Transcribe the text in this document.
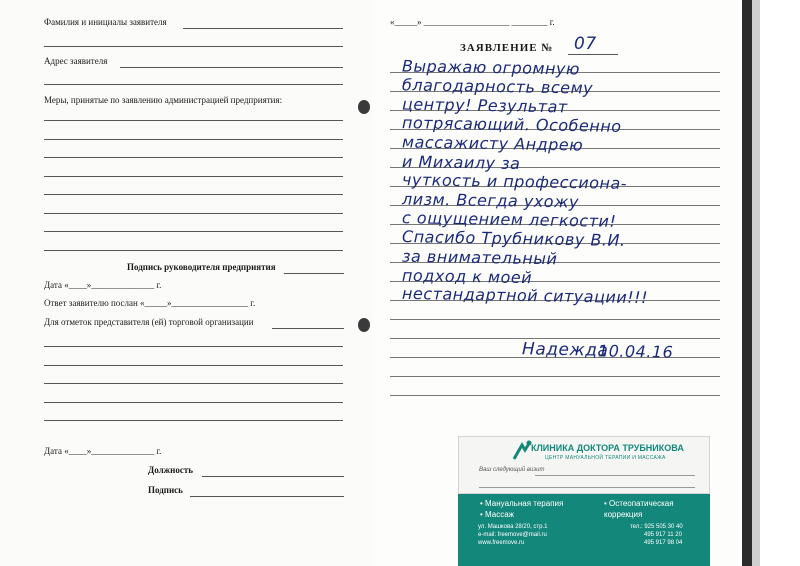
Фамилия и инициалы заявителя
Адрес заявителя
Меры, принятые по заявлению администрацией предприятия:
Подпись руководителя предприятия
Дата «____»______________ г.
Ответ заявителю послан «_____»_________________ г.
Для отметок представителя (ей) торговой организации
Дата «____»______________ г.
Должность
Подпись
«_____» ___________________ ________ г.
ЗАЯВЛЕНИЕ № 07
Выражаю огромную
благодарность всему
центру! Результат
потрясающий. Особенно
массажисту Андрею
и Михаилу за
чуткость и профессиона-
лизм. Всегда ухожу
с ощущением легкости!
Спасибо Трубникову В.И.
за внимательный
подход к моей
нестандартной ситуации!!!
Надежда
10.04.16
КЛИНИКА ДОКТОРА ТРУБНИКОВА
ЦЕНТР МАНУАЛЬНОЙ ТЕРАПИИ И МАССАЖА
Ваш следующий визит
• Мануальная терапия
• Массаж
• Остеопатическая коррекция
ул. Машкова 28/20, стр.1
e-mail: freemove@mail.ru
www.freemove.ru
тел.: 925 505 30 40
495 917 11 20
495 917 98 04
